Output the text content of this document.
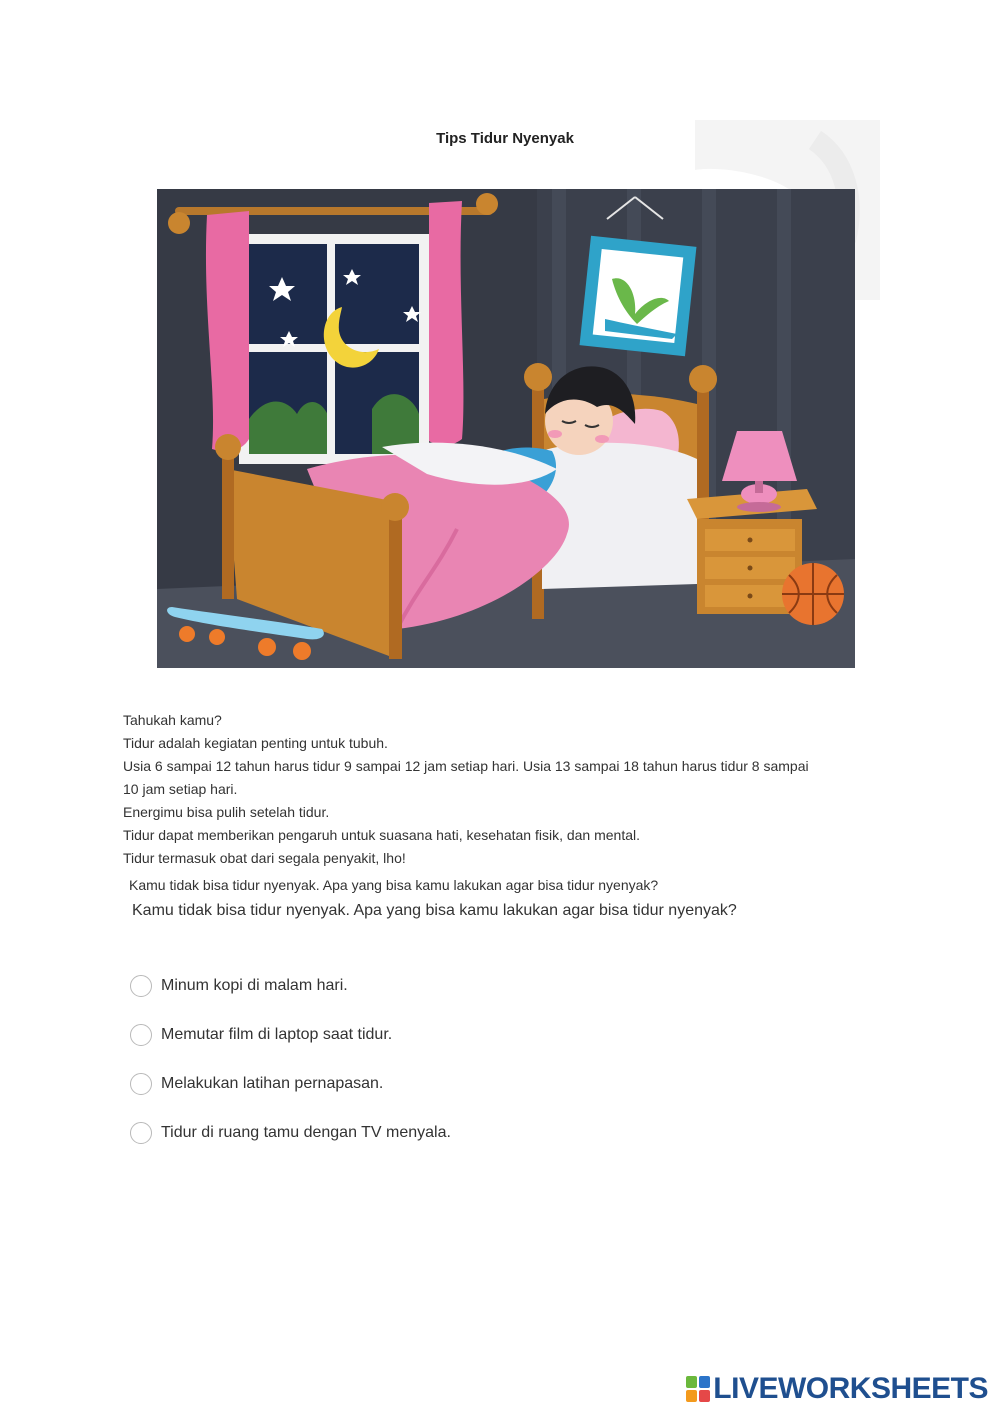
Tips Tidur Nyenyak

Tahukah kamu?

Tidur adalah kegiatan penting untuk tubuh.

Usia 6 sampai 12 tahun harus tidur 9 sampai 12 jam setiap hari. Usia 13 sampai 18 tahun harus tidur 8 sampai

10 jam setiap hari.

Energimu bisa pulih setelah tidur.

Tidur dapat memberikan pengaruh untuk suasana hati, kesehatan fisik, dan mental.

Tidur termasuk obat dari segala penyakit, lho!

Kamu tidak bisa tidur nyenyak. Apa yang bisa kamu lakukan agar bisa tidur nyenyak?
Kamu tidak bisa tidur nyenyak. Apa yang bisa kamu lakukan agar bisa tidur nyenyak?
Minum kopi di malam hari.
Memutar film di laptop saat tidur.
Melakukan latihan pernapasan.
Tidur di ruang tamu dengan TV menyala.
LIVEWORKSHEETS
